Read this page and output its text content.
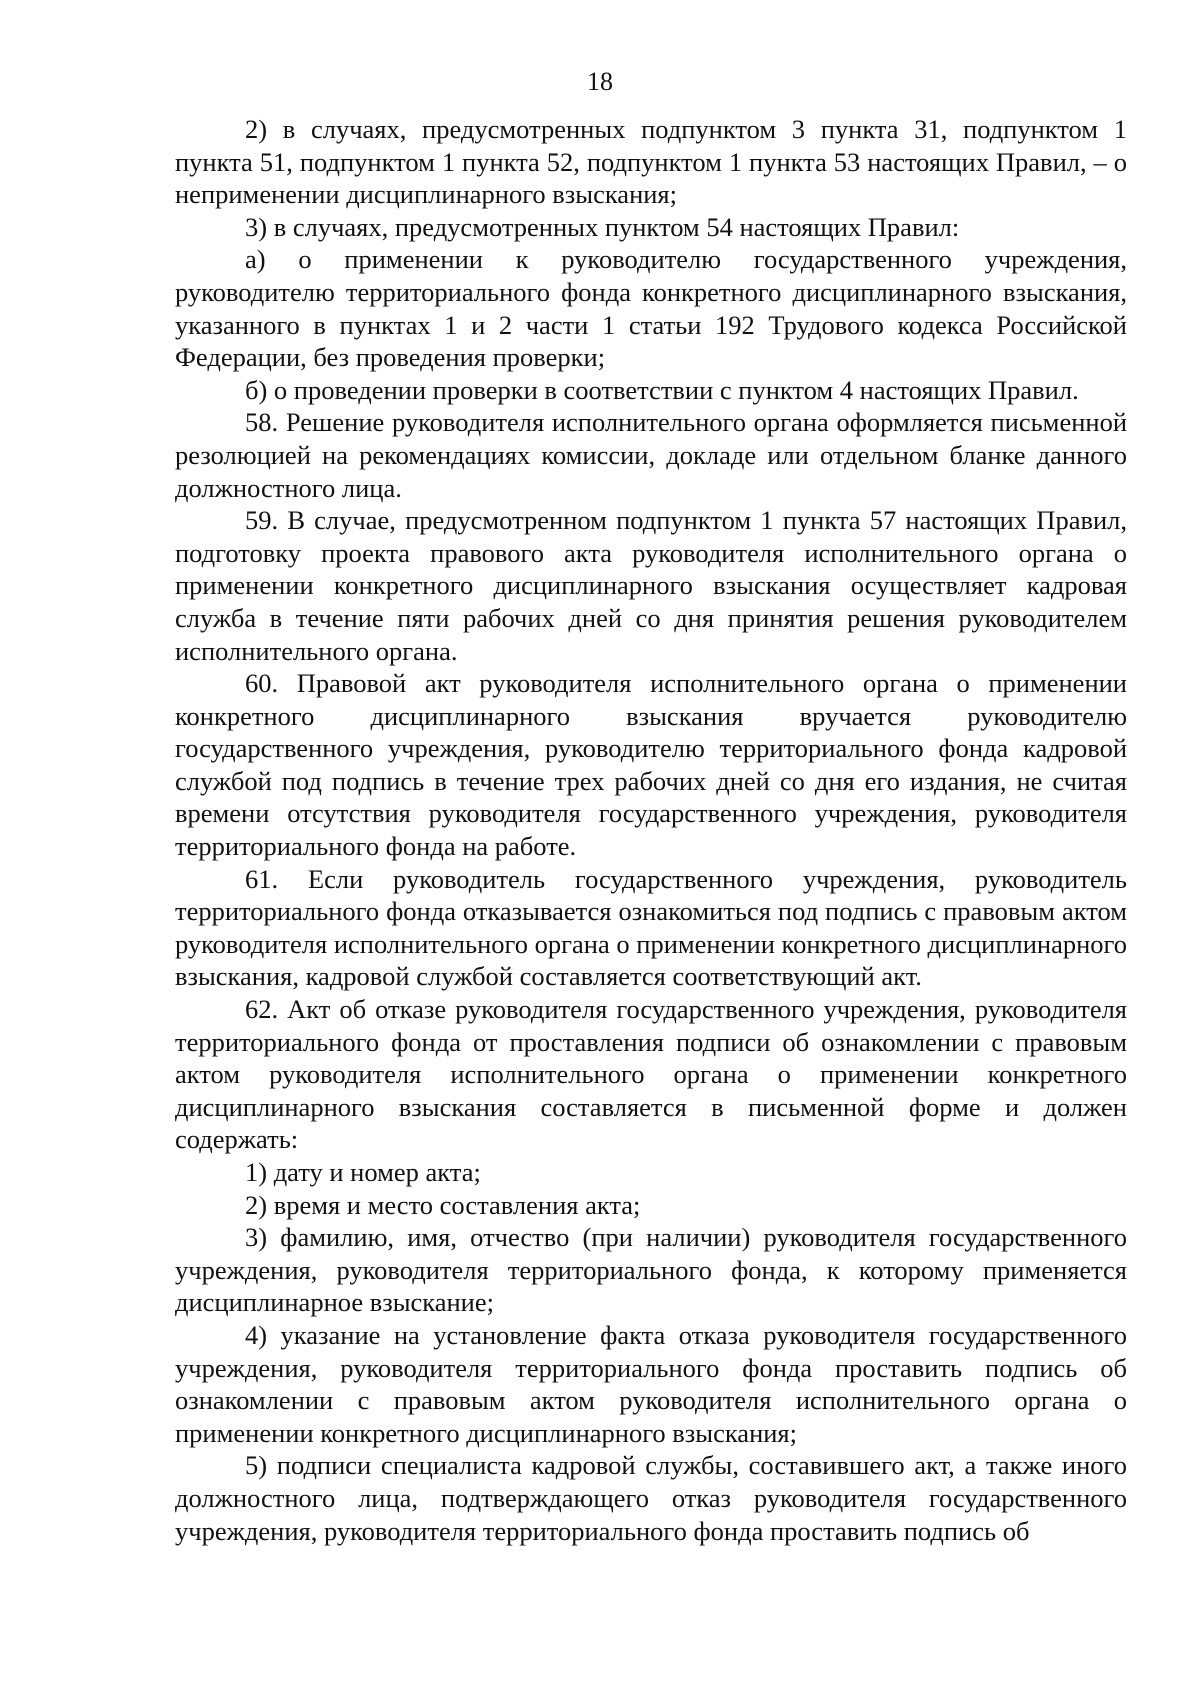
18

2) в случаях, предусмотренных подпунктом 3 пункта 31, подпунктом 1 пункта 51, подпунктом 1 пункта 52, подпунктом 1 пункта 53 настоящих Правил, – о неприменении дисциплинарного взыскания;

3) в случаях, предусмотренных пунктом 54 настоящих Правил:

а) о применении к руководителю государственного учреждения, руководителю территориального фонда конкретного дисциплинарного взыскания, указанного в пунктах 1 и 2 части 1 статьи 192 Трудового кодекса Российской Федерации, без проведения проверки;

б) о проведении проверки в соответствии с пунктом 4 настоящих Правил.

58. Решение руководителя исполнительного органа оформляется письменной резолюцией на рекомендациях комиссии, докладе или отдельном бланке данного должностного лица.

59. В случае, предусмотренном подпунктом 1 пункта 57 настоящих Правил, подготовку проекта правового акта руководителя исполнительного органа о применении конкретного дисциплинарного взыскания осуществляет кадровая служба в течение пяти рабочих дней со дня принятия решения руководителем исполнительного органа.

60. Правовой акт руководителя исполнительного органа о применении конкретного дисциплинарного взыскания вручается руководителю государственного учреждения, руководителю территориального фонда кадровой службой под подпись в течение трех рабочих дней со дня его издания, не считая времени отсутствия руководителя государственного учреждения, руководителя территориального фонда на работе.

61. Если руководитель государственного учреждения, руководитель территориального фонда отказывается ознакомиться под подпись с правовым актом руководителя исполнительного органа о применении конкретного дисциплинарного взыскания, кадровой службой составляется соответствующий акт.

62. Акт об отказе руководителя государственного учреждения, руководителя территориального фонда от проставления подписи об ознакомлении с правовым актом руководителя исполнительного органа о применении конкретного дисциплинарного взыскания составляется в письменной форме и должен содержать:

1) дату и номер акта;

2) время и место составления акта;

3) фамилию, имя, отчество (при наличии) руководителя государственного учреждения, руководителя территориального фонда, к которому применяется дисциплинарное взыскание;

4) указание на установление факта отказа руководителя государственного учреждения, руководителя территориального фонда проставить подпись об ознакомлении с правовым актом руководителя исполнительного органа о применении конкретного дисциплинарного взыскания;

5) подписи специалиста кадровой службы, составившего акт, а также иного должностного лица, подтверждающего отказ руководителя государственного учреждения, руководителя территориального фонда проставить подпись об
